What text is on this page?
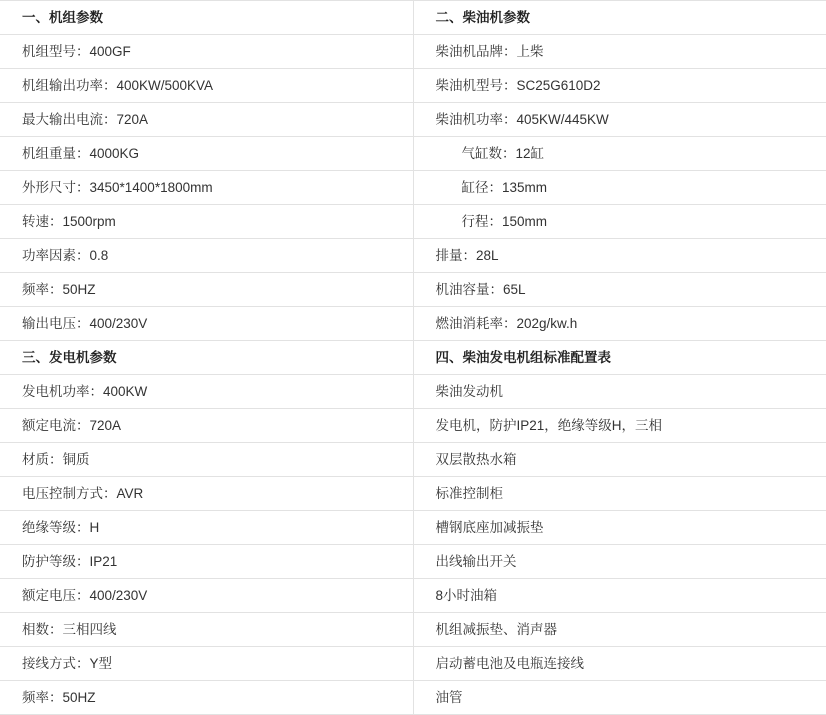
一、机组参数	二、柴油机参数
机组型号：400GF	柴油机品牌：上柴
机组输出功率：400KW/500KVA	柴油机型号：SC25G610D2
最大输出电流：720A	柴油机功率：405KW/445KW
机组重量：4000KG	气缸数：12缸
外形尺寸：3450*1400*1800mm	缸径：135mm
转速：1500rpm	行程：150mm
功率因素：0.8	排量：28L
频率：50HZ	机油容量：65L
输出电压：400/230V	燃油消耗率：202g/kw.h
三、发电机参数	四、柴油发电机组标准配置表
发电机功率：400KW	柴油发动机
额定电流：720A	发电机，防护IP21，绝缘等级H，三相
材质：铜质	双层散热水箱
电压控制方式：AVR	标准控制柜
绝缘等级：H	槽钢底座加减振垫
防护等级：IP21	出线输出开关
额定电压：400/230V	8小时油箱
相数：三相四线	机组减振垫、消声器
接线方式：Y型	启动蓄电池及电瓶连接线
频率：50HZ	油管
